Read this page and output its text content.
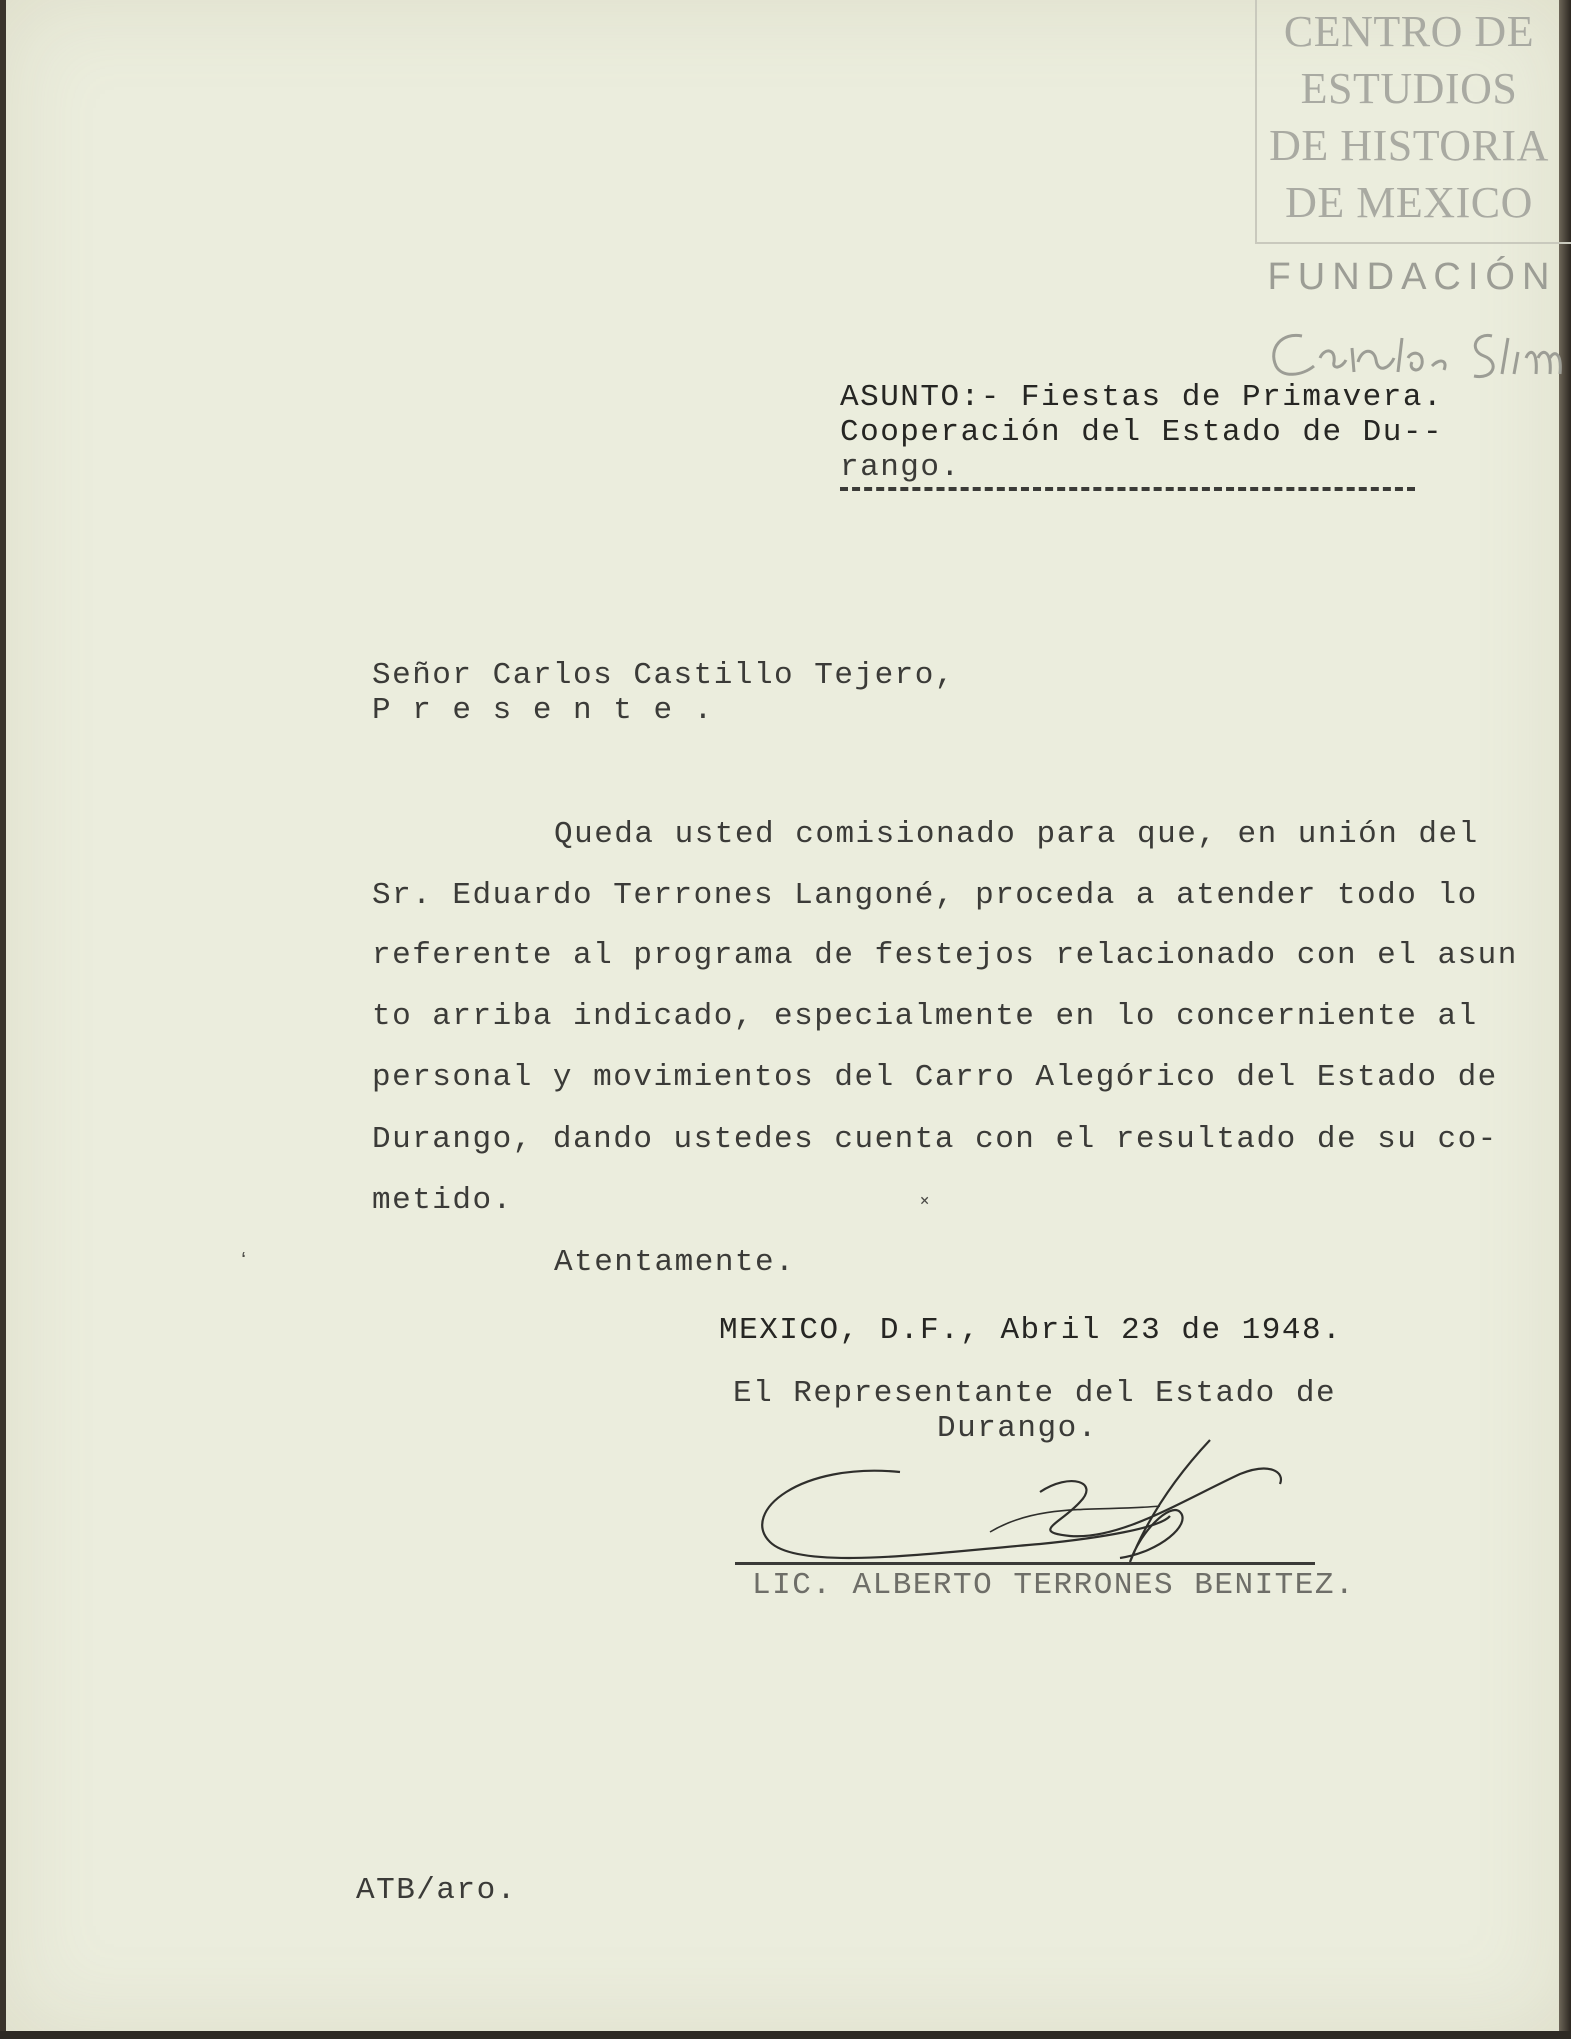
CENTRO DE
ESTUDIOS
DE HISTORIA
DE MEXICO
FUNDACIÓN
ASUNTO:- Fiestas de Primavera.
Cooperación del Estado de Du--
rango.
Señor Carlos Castillo Tejero,
P r e s e n t e .
Queda usted comisionado para que, en unión del
Sr. Eduardo Terrones Langoné, proceda a atender todo lo
referente al programa de festejos relacionado con el asun
to arriba indicado, especialmente en lo concerniente al
personal y movimientos del Carro Alegórico del Estado de
Durango, dando ustedes cuenta con el resultado de su co-
metido.
Atentamente.
MEXICO, D.F., Abril 23 de 1948.
El Representante del Estado de
Durango.
LIC. ALBERTO TERRONES BENITEZ.
ATB/aro.
ʻ
˟
